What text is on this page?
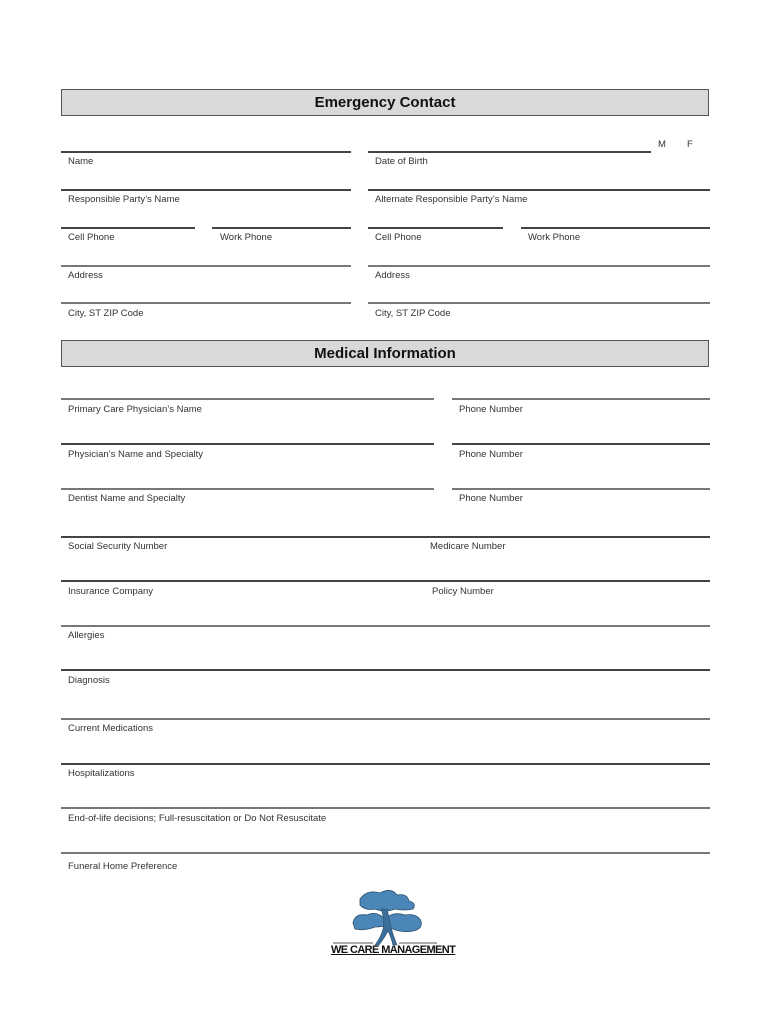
Emergency Contact
M F
Name	Date of Birth
Responsible Party’s Name	Alternate Responsible Party’s Name
Cell Phone	Work Phone	Cell Phone	Work Phone
Address	Address
City, ST ZIP Code	City, ST ZIP Code
Medical Information
Primary Care Physician’s Name	Phone Number
Physician’s Name and Specialty	Phone Number
Dentist Name and Specialty	Phone Number
Social Security Number	Medicare Number
Insurance Company	Policy Number
Allergies
Diagnosis
Current Medications
Hospitalizations
End-of-life decisions; Full-resuscitation or Do Not Resuscitate
Funeral Home Preference
WE CARE MANAGEMENT
